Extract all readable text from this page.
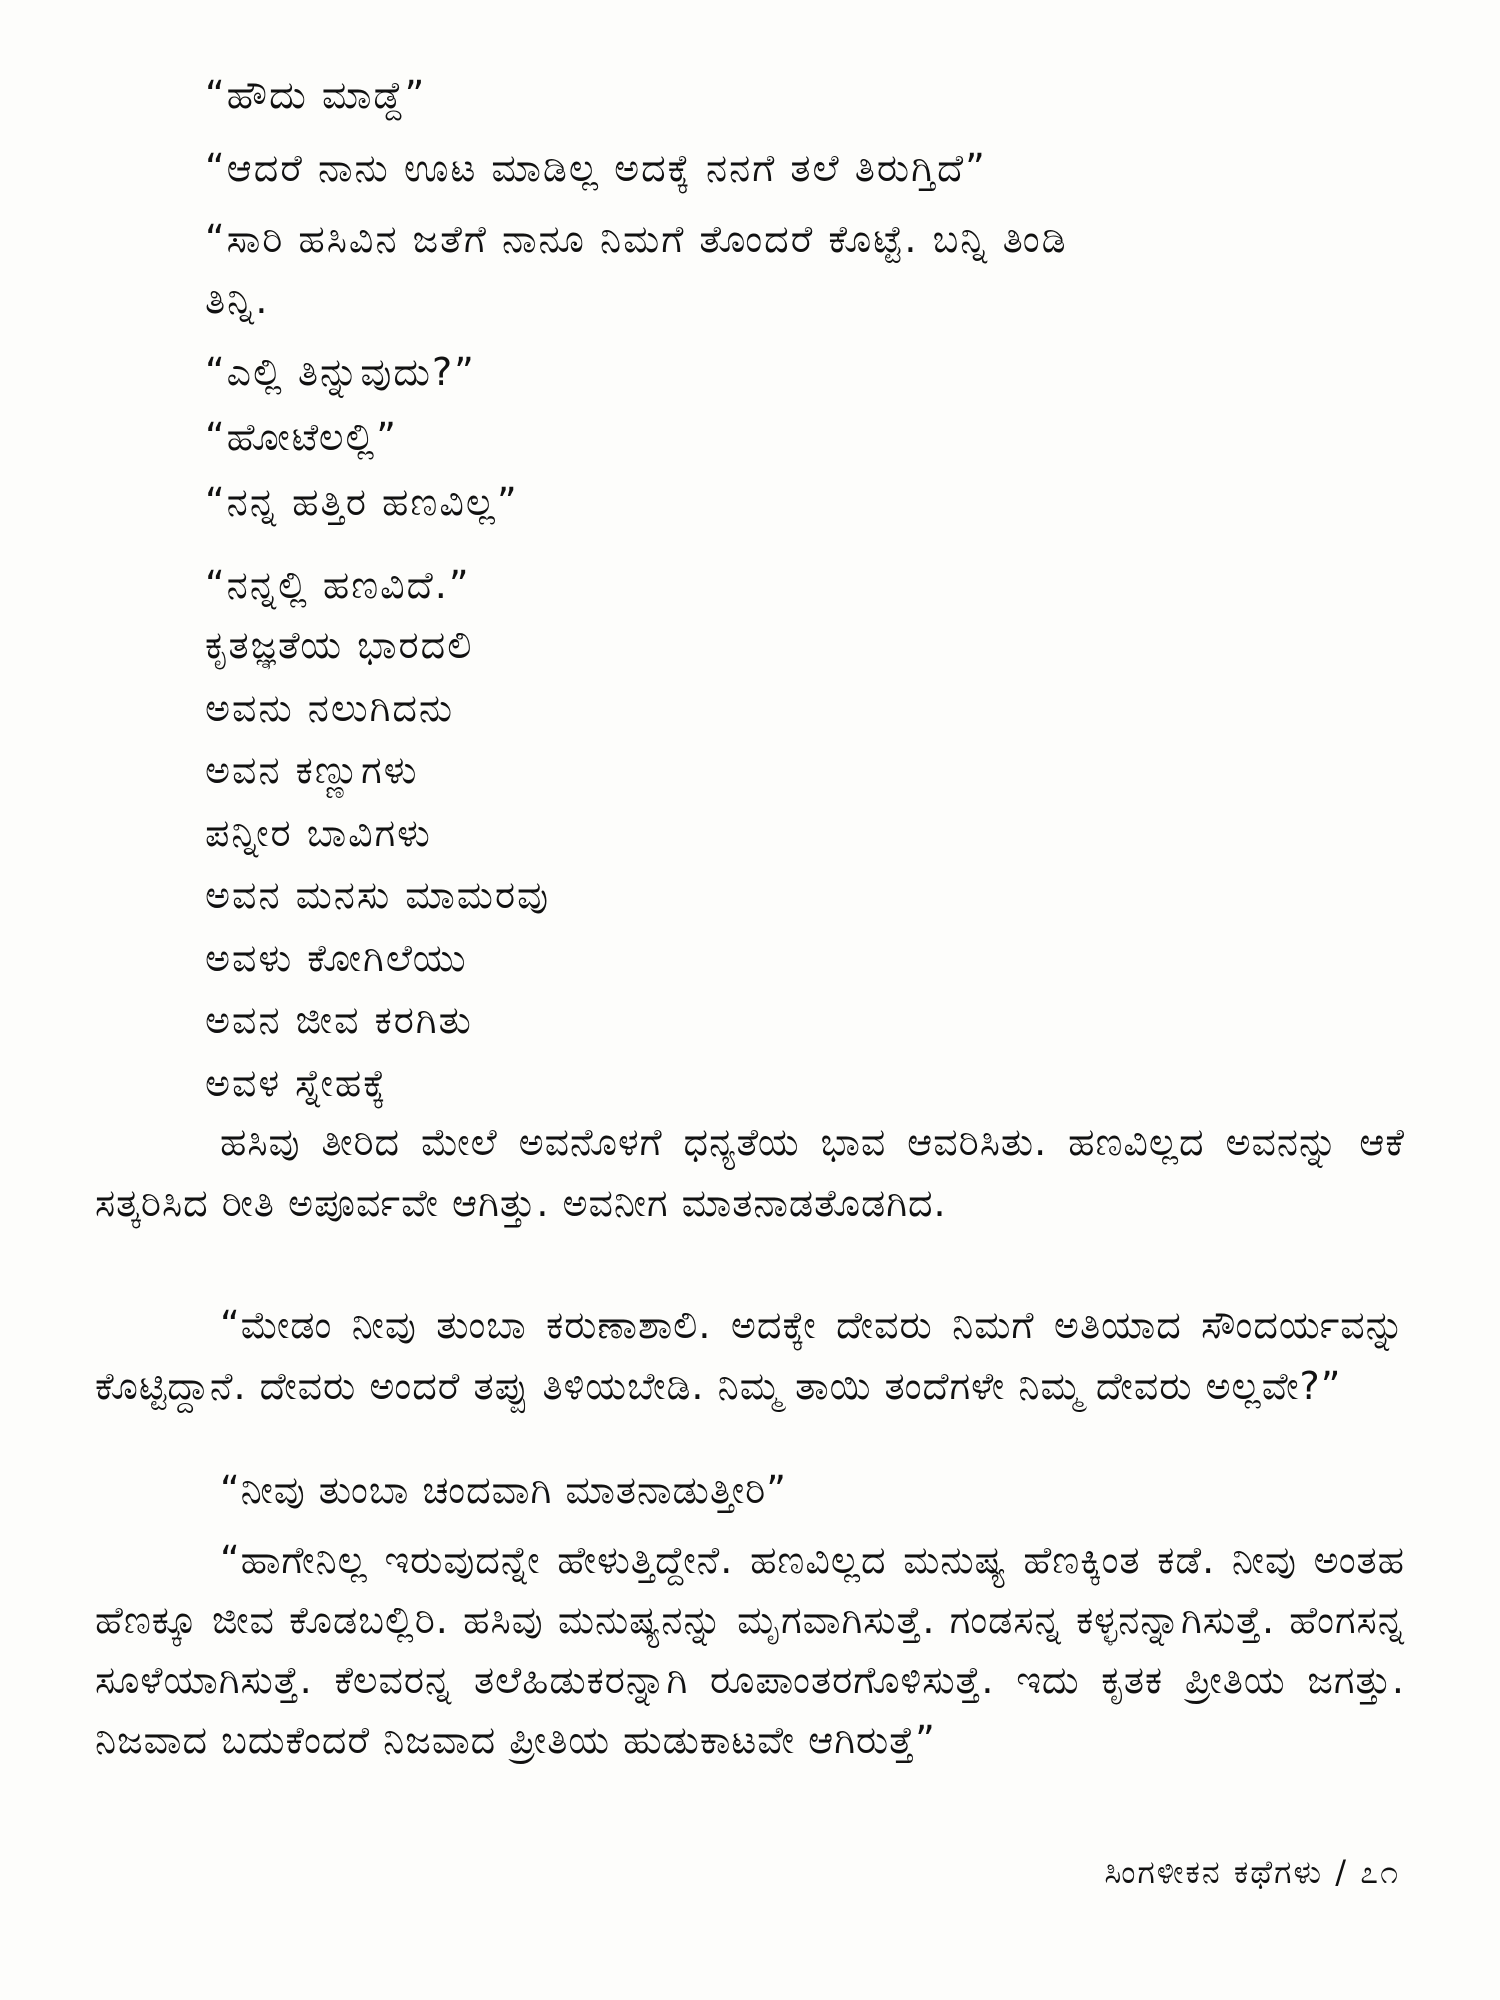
“ಹೌದು ಮಾಡ್ದೆ”
“ಆದರೆ ನಾನು ಊಟ ಮಾಡಿಲ್ಲ ಅದಕ್ಕೆ ನನಗೆ ತಲೆ ತಿರುಗ್ತಿದೆ”
“ಸಾರಿ ಹಸಿವಿನ ಜತೆಗೆ ನಾನೂ ನಿಮಗೆ ತೊಂದರೆ ಕೊಟ್ಟೆ. ಬನ್ನಿ ತಿಂಡಿ
ತಿನ್ನಿ.
“ಎಲ್ಲಿ ತಿನ್ನುವುದು?”
“ಹೋಟೆಲಲ್ಲಿ”
“ನನ್ನ ಹತ್ತಿರ ಹಣವಿಲ್ಲ”
“ನನ್ನಲ್ಲಿ ಹಣವಿದೆ.”
ಕೃತಜ್ಞತೆಯ ಭಾರದಲಿ
ಅವನು ನಲುಗಿದನು
ಅವನ ಕಣ್ಣುಗಳು
ಪನ್ನೀರ ಬಾವಿಗಳು
ಅವನ ಮನಸು ಮಾಮರವು
ಅವಳು ಕೋಗಿಲೆಯು
ಅವನ ಜೀವ ಕರಗಿತು
ಅವಳ ಸ್ನೇಹಕ್ಕೆ
ಹಸಿವು ತೀರಿದ ಮೇಲೆ ಅವನೊಳಗೆ ಧನ್ಯತೆಯ ಭಾವ ಆವರಿಸಿತು. ಹಣವಿಲ್ಲದ ಅವನನ್ನು ಆಕೆ ಸತ್ಕರಿಸಿದ ರೀತಿ ಅಪೂರ್ವವೇ ಆಗಿತ್ತು. ಅವನೀಗ ಮಾತನಾಡತೊಡಗಿದ.
“ಮೇಡಂ ನೀವು ತುಂಬಾ ಕರುಣಾಶಾಲಿ. ಅದಕ್ಕೇ ದೇವರು ನಿಮಗೆ ಅತಿಯಾದ ಸೌಂದರ್ಯವನ್ನು ಕೊಟ್ಟಿದ್ದಾನೆ. ದೇವರು ಅಂದರೆ ತಪ್ಪು ತಿಳಿಯಬೇಡಿ. ನಿಮ್ಮ ತಾಯಿ ತಂದೆಗಳೇ ನಿಮ್ಮ ದೇವರು ಅಲ್ಲವೇ?”
“ನೀವು ತುಂಬಾ ಚಂದವಾಗಿ ಮಾತನಾಡುತ್ತೀರಿ”
“ಹಾಗೇನಿಲ್ಲ ಇರುವುದನ್ನೇ ಹೇಳುತ್ತಿದ್ದೇನೆ. ಹಣವಿಲ್ಲದ ಮನುಷ್ಯ ಹೆಣಕ್ಕಿಂತ ಕಡೆ. ನೀವು ಅಂತಹ ಹೆಣಕ್ಕೂ ಜೀವ ಕೊಡಬಲ್ಲಿರಿ. ಹಸಿವು ಮನುಷ್ಯನನ್ನು ಮೃಗವಾಗಿಸುತ್ತೆ. ಗಂಡಸನ್ನ ಕಳ್ಳನನ್ನಾಗಿಸುತ್ತೆ. ಹೆಂಗಸನ್ನ ಸೂಳೆಯಾಗಿಸುತ್ತೆ. ಕೆಲವರನ್ನ ತಲೆಹಿಡುಕರನ್ನಾಗಿ ರೂಪಾಂತರಗೊಳಿಸುತ್ತೆ. ಇದು ಕೃತಕ ಪ್ರೀತಿಯ ಜಗತ್ತು. ನಿಜವಾದ ಬದುಕೆಂದರೆ ನಿಜವಾದ ಪ್ರೀತಿಯ ಹುಡುಕಾಟವೇ ಆಗಿರುತ್ತೆ”
ಸಿಂಗಳೀಕನ ಕಥೆಗಳು / ೭೧
